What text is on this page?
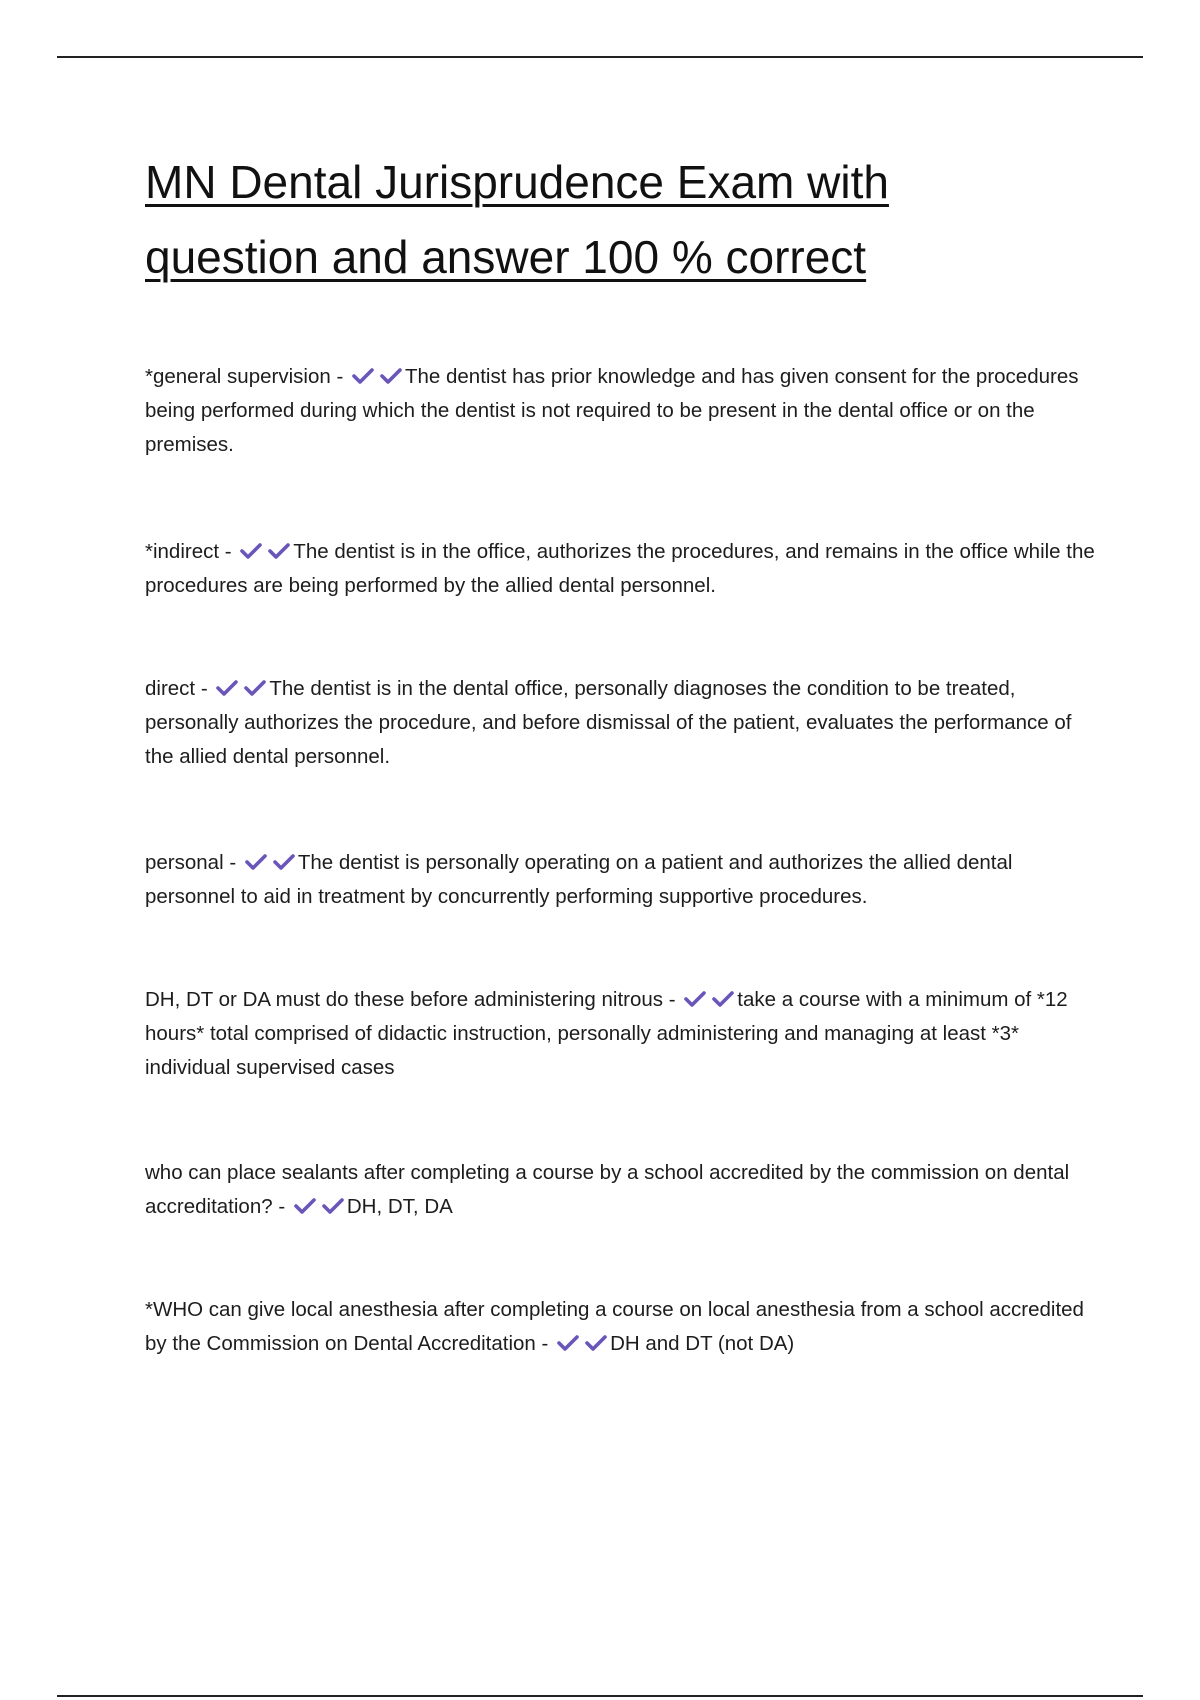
MN Dental Jurisprudence Exam with
question and answer 100 % correct

*general supervision -	The dentist has prior knowledge and has given consent for the procedures being performed during which the dentist is not required to be present in the dental office or on the premises.

*indirect -	The dentist is in the office, authorizes the procedures, and remains in the office while the procedures are being performed by the allied dental personnel.

direct -	The dentist is in the dental office, personally diagnoses the condition to be treated, personally authorizes the procedure, and before dismissal of the patient, evaluates the performance of the allied dental personnel.

personal -	The dentist is personally operating on a patient and authorizes the allied dental personnel to aid in treatment by concurrently performing supportive procedures.

DH, DT or DA must do these before administering nitrous -	take a course with a minimum of *12 hours* total comprised of didactic instruction, personally administering and managing at least *3* individual supervised cases

who can place sealants after completing a course by a school accredited by the commission on dental accreditation? -	DH, DT, DA

*WHO can give local anesthesia after completing a course on local anesthesia from a school accredited by the Commission on Dental Accreditation -	DH and DT (not DA)
